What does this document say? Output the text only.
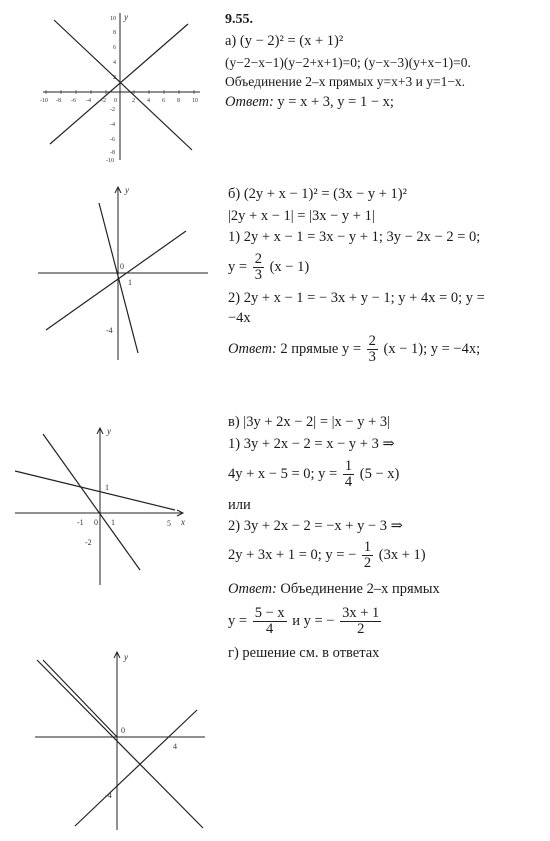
y
-10 -8 -6 -4 -2 0	2 4 6 8 10
10
8
6
4
2
-2
-4
-6
-8
-10
y
0
1
-4
y
x
1
-1 0 1	5
-2
y
0
4
-4
9.55.
а) (y − 2)² = (x + 1)²
(y−2−x−1)(y−2+x+1)=0; (y−x−3)(y+x−1)=0.
Объединение 2–х прямых y=x+3 и y=1−x.
Ответ: y = x + 3, y = 1 − x;
б) (2y + x − 1)² = (3x − y + 1)²
|2y + x − 1| = |3x − y + 1|
1) 2y + x − 1 = 3x − y + 1; 3y − 2x − 2 = 0;
$y = \frac{2}{3} (x - 1)$
2) 2y + x − 1 = − 3x + y − 1; y + 4x = 0; y =
−4x
Ответ: 2 прямые $y = \frac{2}{3} (x - 1)$; y = −4x;
в) |3y + 2x − 2| = |x − y + 3|
1) 3y + 2x − 2 = x − y + 3 ⇒
4y + x − 5 = 0; $y = \frac{1}{4} (5 - x)$
или
2) 3y + 2x − 2 = −x + y − 3 ⇒
2y + 3x + 1 = 0; y = − $\frac{1}{2} (3x + 1)$
Ответ: Объединение 2–х прямых
$y = \frac{5 - x}{4}$ и y = − $\frac{3x + 1}{2}$
г) решение см. в ответах
